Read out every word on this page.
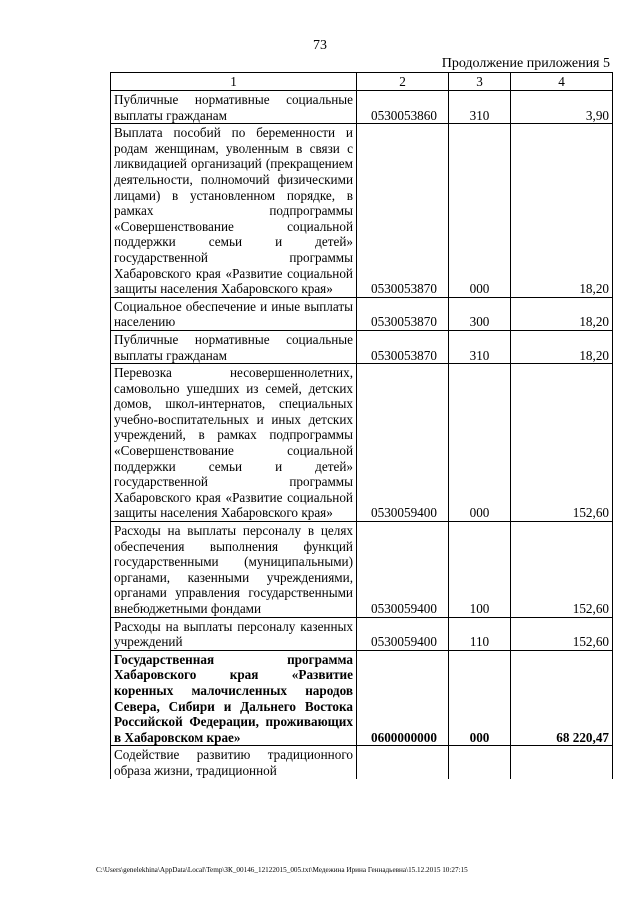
73
Продолжение приложения 5
1	2	3	4
Публичные нормативные социальные выплаты гражданам	0530053860	310	3,90
Выплата пособий по беременности и родам женщинам, уволенным в связи с ликвидацией организаций (прекращением деятельности, полномочий физическими лицами) в установленном порядке, в рамках подпрограммы «Совершенствование социальной поддержки семьи и детей» государственной программы Хабаровского края «Развитие социальной защиты населения Хабаровского края»	0530053870	000	18,20
Социальное обеспечение и иные выплаты населению	0530053870	300	18,20
Публичные нормативные социальные выплаты гражданам	0530053870	310	18,20
Перевозка несовершеннолетних, самовольно ушедших из семей, детских домов, школ-интернатов, специальных учебно-воспитательных и иных детских учреждений, в рамках подпрограммы «Совершенствование социальной поддержки семьи и детей» государственной программы Хабаровского края «Развитие социальной защиты населения Хабаровского края»	0530059400	000	152,60
Расходы на выплаты персоналу в целях обеспечения выполнения функций государственными (муниципальными) органами, казенными учреждениями, органами управления государственными внебюджетными фондами	0530059400	100	152,60
Расходы на выплаты персоналу казенных учреждений	0530059400	110	152,60
Государственная программа Хабаровского края «Развитие коренных малочисленных народов Севера, Сибири и Дальнего Востока Российской Федерации, проживающих в Хабаровском крае»	0600000000	000	68 220,47
Содействие развитию традиционного образа жизни, традиционной			
C:\Users\genelekhina\AppData\Local\Temp\ЗК_00146_12122015_005.txt\Медежина Ирина Геннадьевна\15.12.2015 10:27:15
